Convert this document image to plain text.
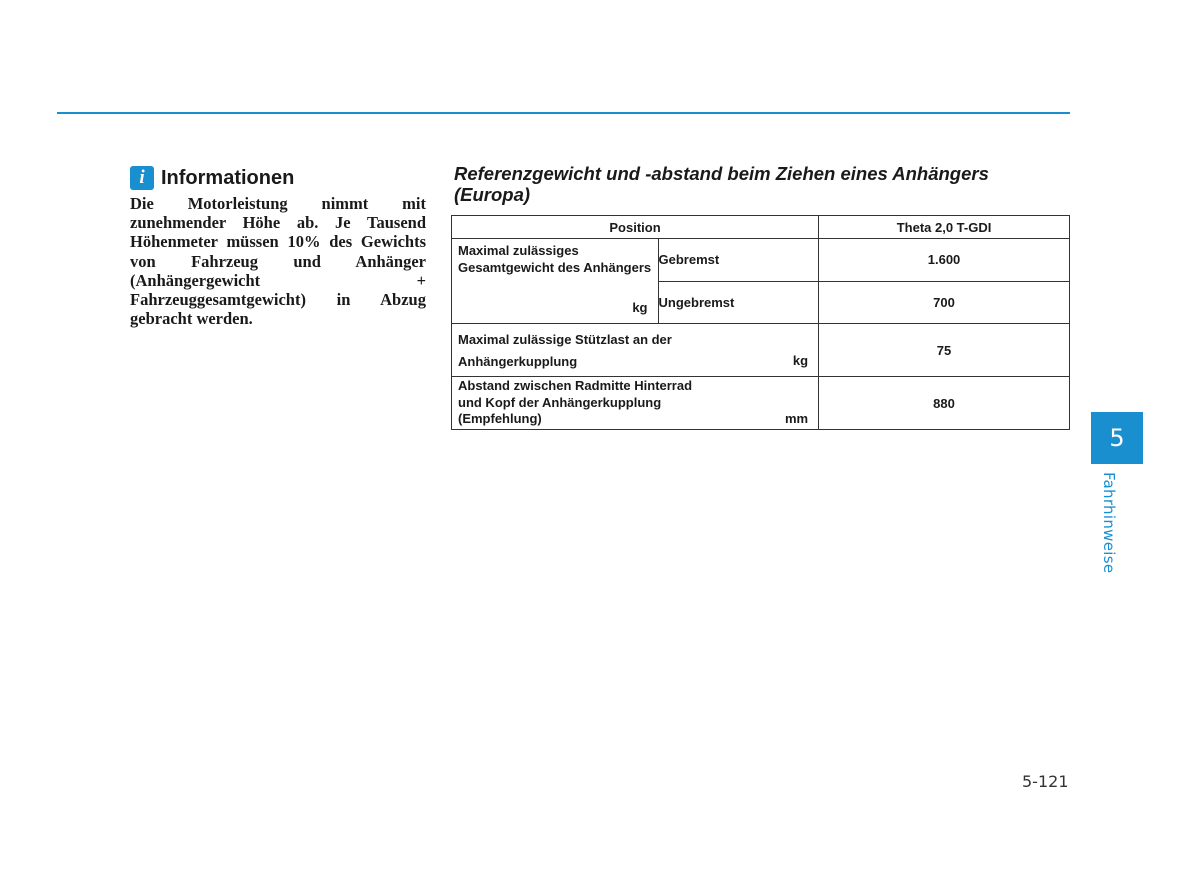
i Informationen

Die Motorleistung nimmt mit zunehmender Höhe ab. Je Tausend Höhenmeter müssen 10% des Gewichts von Fahrzeug und Anhänger (Anhängergewicht + Fahrzeuggesamtgewicht) in Abzug gebracht werden.

Referenzgewicht und -abstand beim Ziehen eines Anhängers (Europa)
Position		Theta 2,0 T-GDI

Maximal zulässiges Gesamtgewicht des Anhängers
kg	Gebremst	1.600
	Ungebremst	700

Maximal zulässige Stützlast an der
Anhängerkupplung kg		75

Abstand zwischen Radmitte Hinterrad
und Kopf der Anhängerkupplung
(Empfehlung) mm		880
5
Fahrhinweise
5-121
